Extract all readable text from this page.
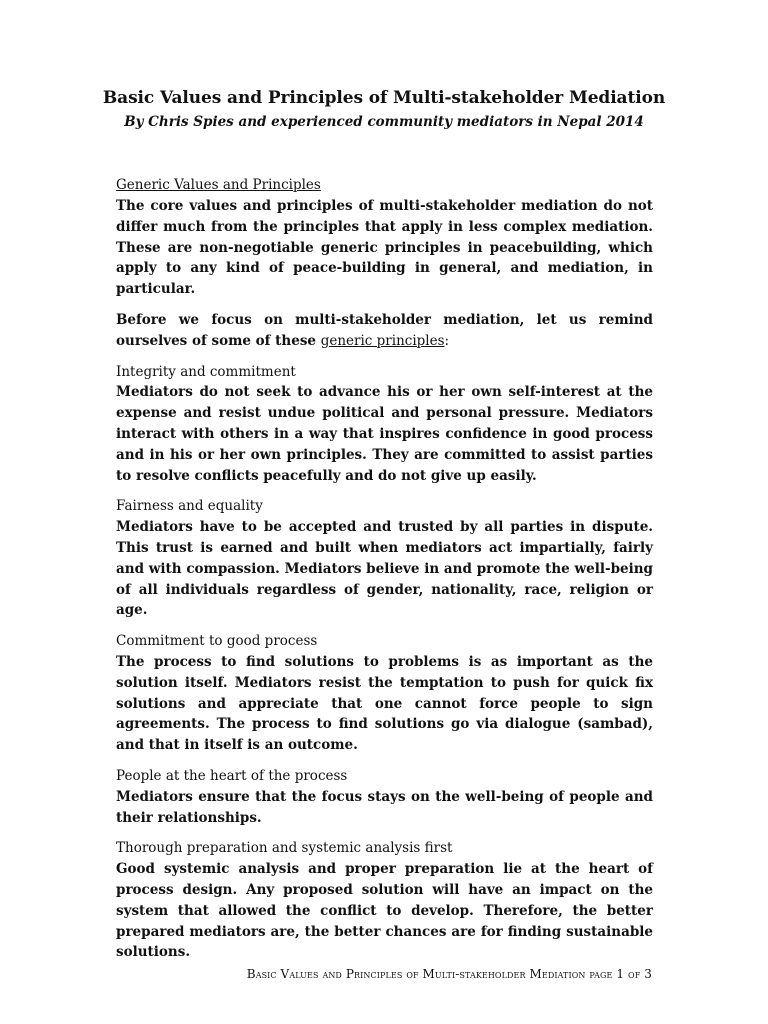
Basic Values and Principles of Multi-stakeholder Mediation

By Chris Spies and experienced community mediators in Nepal 2014

Generic Values and Principles

The core values and principles of multi-stakeholder mediation do not differ much from the principles that apply in less complex mediation. These are non-negotiable generic principles in peacebuilding, which apply to any kind of peace-building in general, and mediation, in particular.

Before we focus on multi-stakeholder mediation, let us remind ourselves of some of these generic principles:

Integrity and commitment

Mediators do not seek to advance his or her own self-interest at the expense and resist undue political and personal pressure. Mediators interact with others in a way that inspires confidence in good process and in his or her own principles. They are committed to assist parties to resolve conflicts peacefully and do not give up easily.

Fairness and equality

Mediators have to be accepted and trusted by all parties in dispute. This trust is earned and built when mediators act impartially, fairly and with compassion. Mediators believe in and promote the well-being of all individuals regardless of gender, nationality, race, religion or age.

Commitment to good process

The process to find solutions to problems is as important as the solution itself. Mediators resist the temptation to push for quick fix solutions and appreciate that one cannot force people to sign agreements. The process to find solutions go via dialogue (sambad), and that in itself is an outcome.

People at the heart of the process

Mediators ensure that the focus stays on the well-being of people and their relationships.

Thorough preparation and systemic analysis first

Good systemic analysis and proper preparation lie at the heart of process design. Any proposed solution will have an impact on the system that allowed the conflict to develop. Therefore, the better prepared mediators are, the better chances are for finding sustainable solutions.

Basic Values and Principles of Multi-stakeholder Mediation page 1 of 3
